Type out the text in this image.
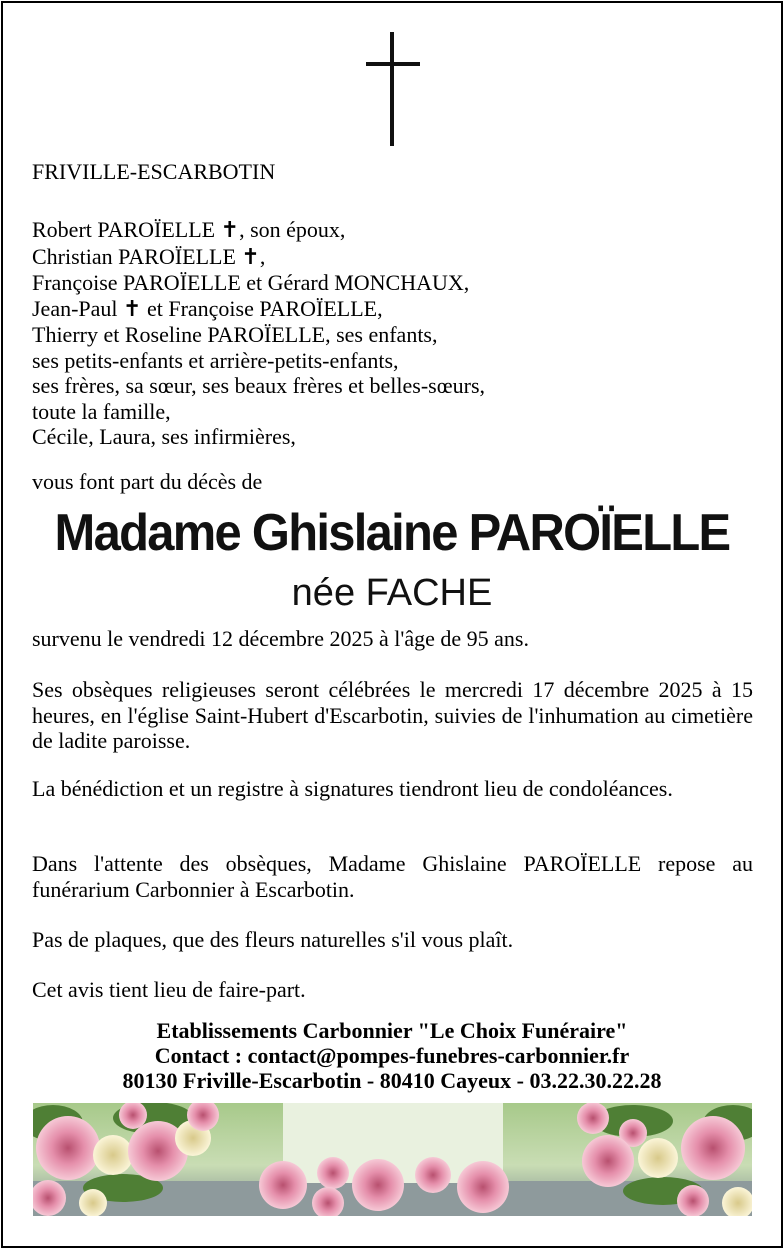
FRIVILLE-ESCARBOTIN
Robert PAROÏELLE ✝, son époux,
Christian PAROÏELLE ✝,
Françoise PAROÏELLE et Gérard MONCHAUX,
Jean-Paul ✝ et Françoise PAROÏELLE,
Thierry et Roseline PAROÏELLE, ses enfants,
ses petits-enfants et arrière-petits-enfants,
ses frères, sa sœur, ses beaux frères et belles-sœurs,
toute la famille,
Cécile, Laura, ses infirmières,
vous font part du décès de
Madame Ghislaine PAROÏELLE
née FACHE
survenu le vendredi 12 décembre 2025 à l'âge de 95 ans.
Ses obsèques religieuses seront célébrées le mercredi 17 décembre 2025 à 15 heures, en l'église Saint-Hubert d'Escarbotin, suivies de l'inhumation au cimetière de ladite paroisse.
La bénédiction et un registre à signatures tiendront lieu de condoléances.
Dans l'attente des obsèques, Madame Ghislaine PAROÏELLE repose au funérarium Carbonnier à Escarbotin.
Pas de plaques, que des fleurs naturelles s'il vous plaît.
Cet avis tient lieu de faire-part.
Etablissements Carbonnier "Le Choix Funéraire"
Contact : contact@pompes-funebres-carbonnier.fr
80130 Friville-Escarbotin - 80410 Cayeux - 03.22.30.22.28
